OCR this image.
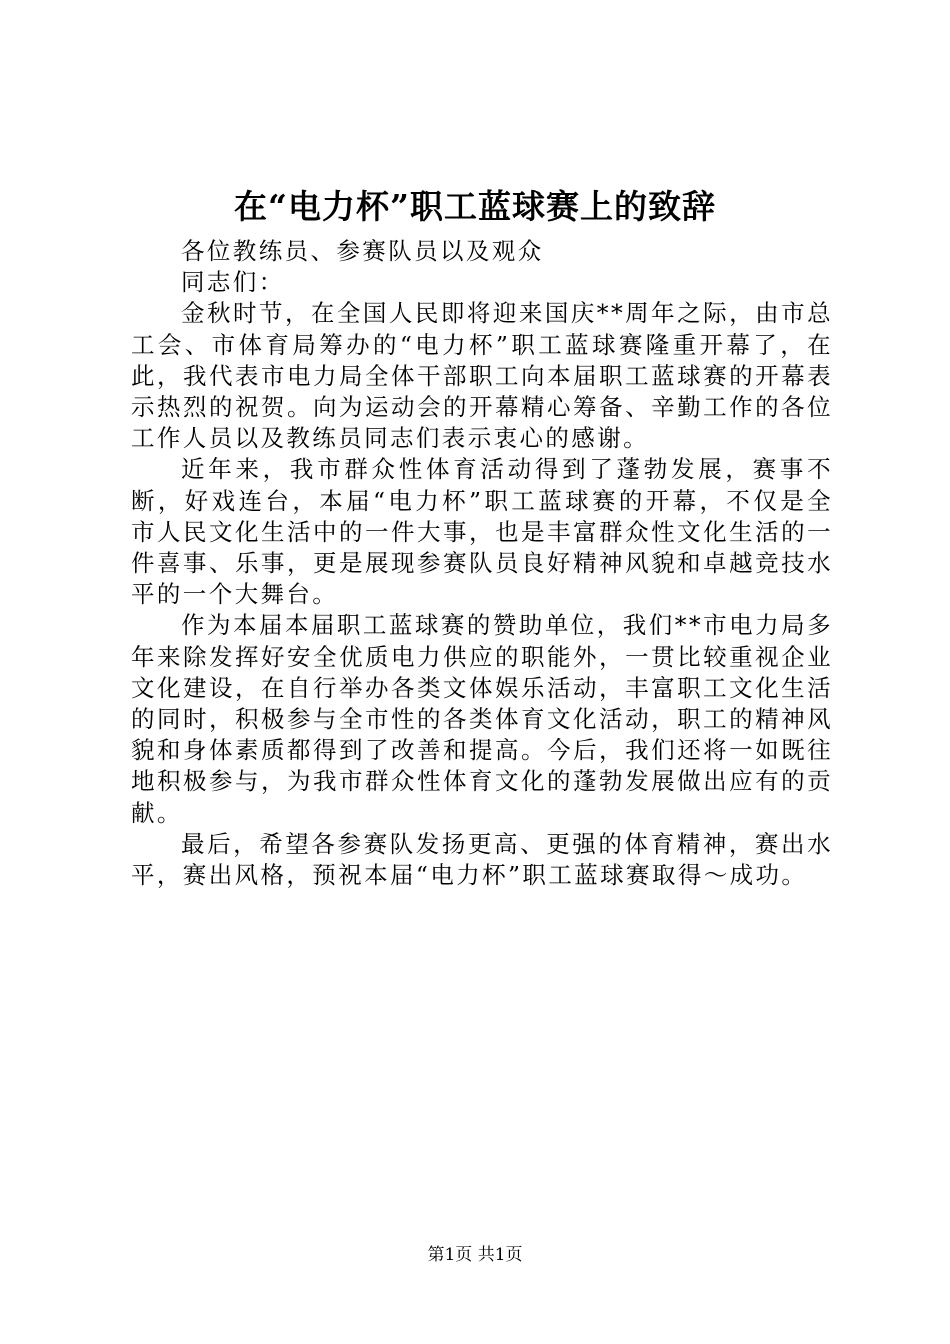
在“电力杯”职工蓝球赛上的致辞

各位教练员、参赛队员以及观众

同志们：

金秋时节，在全国人民即将迎来国庆**周年之际，由市总工会、市体育局筹办的“电力杯”职工蓝球赛隆重开幕了，在此，我代表市电力局全体干部职工向本届职工蓝球赛的开幕表示热烈的祝贺。向为运动会的开幕精心筹备、辛勤工作的各位工作人员以及教练员同志们表示衷心的感谢。

近年来，我市群众性体育活动得到了蓬勃发展，赛事不断，好戏连台，本届“电力杯”职工蓝球赛的开幕，不仅是全市人民文化生活中的一件大事，也是丰富群众性文化生活的一件喜事、乐事，更是展现参赛队员良好精神风貌和卓越竞技水平的一个大舞台。

作为本届本届职工蓝球赛的赞助单位，我们**市电力局多年来除发挥好安全优质电力供应的职能外，一贯比较重视企业文化建设，在自行举办各类文体娱乐活动，丰富职工文化生活的同时，积极参与全市性的各类体育文化活动，职工的精神风貌和身体素质都得到了改善和提高。今后，我们还将一如既往地积极参与，为我市群众性体育文化的蓬勃发展做出应有的贡献。

最后，希望各参赛队发扬更高、更强的体育精神，赛出水平，赛出风格，预祝本届“电力杯”职工蓝球赛取得～成功。

第1页 共1页
